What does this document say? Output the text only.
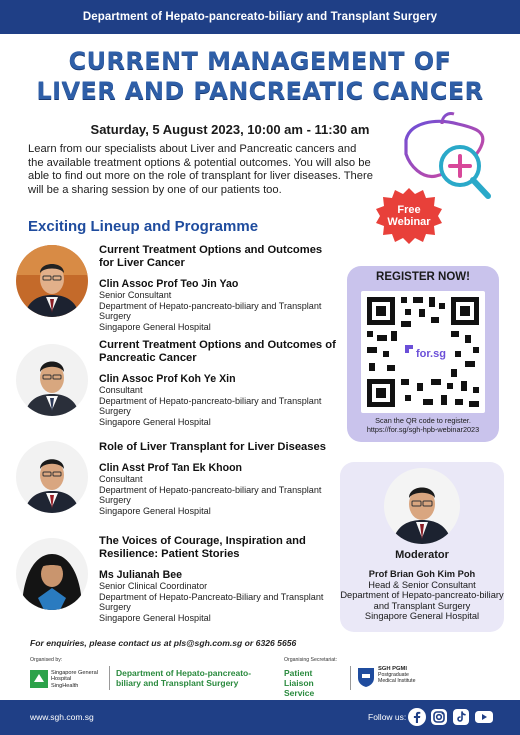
Department of Hepato-pancreato-biliary and Transplant Surgery
CURRENT MANAGEMENT OF
LIVER AND PANCREATIC CANCER
Saturday, 5 August 2023, 10:00 am - 11:30 am
Learn from our specialists about Liver and Pancreatic cancers and the available treatment options & potential outcomes. You will also be able to find out more on the role of transplant for liver diseases. There will be a sharing session by one of our patients too.
Free
Webinar
Exciting Lineup and Programme
Current Treatment Options and Outcomes for Liver Cancer
Clin Assoc Prof Teo Jin Yao
Senior Consultant
Department of Hepato-pancreato-biliary and Transplant Surgery
Singapore General Hospital
Current Treatment Options and Outcomes of Pancreatic Cancer
Clin Assoc Prof Koh Ye Xin
Consultant
Department of Hepato-pancreato-biliary and Transplant Surgery
Singapore General Hospital
Role of Liver Transplant for Liver Diseases
Clin Asst Prof Tan Ek Khoon
Consultant
Department of Hepato-pancreato-biliary and Transplant Surgery
Singapore General Hospital
The Voices of Courage, Inspiration and Resilience: Patient Stories
Ms Julianah Bee
Senior Clinical Coordinator
Department of Hepato-Pancreato-Biliary and Transplant Surgery
Singapore General Hospital
REGISTER NOW!
for.sg
Scan the QR code to register.
https://for.sg/sgh-hpb-webinar2023
Moderator
Prof Brian Goh Kim Poh
Head & Senior Consultant
Department of Hepato-pancreato-biliary and Transplant Surgery
Singapore General Hospital
For enquiries, please contact us at pls@sgh.com.sg or 6326 5656
Organised by:
Singapore General Hospital
SingHealth
Department of Hepato-pancreato-biliary and Transplant Surgery
Organising Secretariat:
Patient Liaison Service
SGH PGMI
Postgraduate Medical Institute
www.sgh.com.sg	Follow us:
